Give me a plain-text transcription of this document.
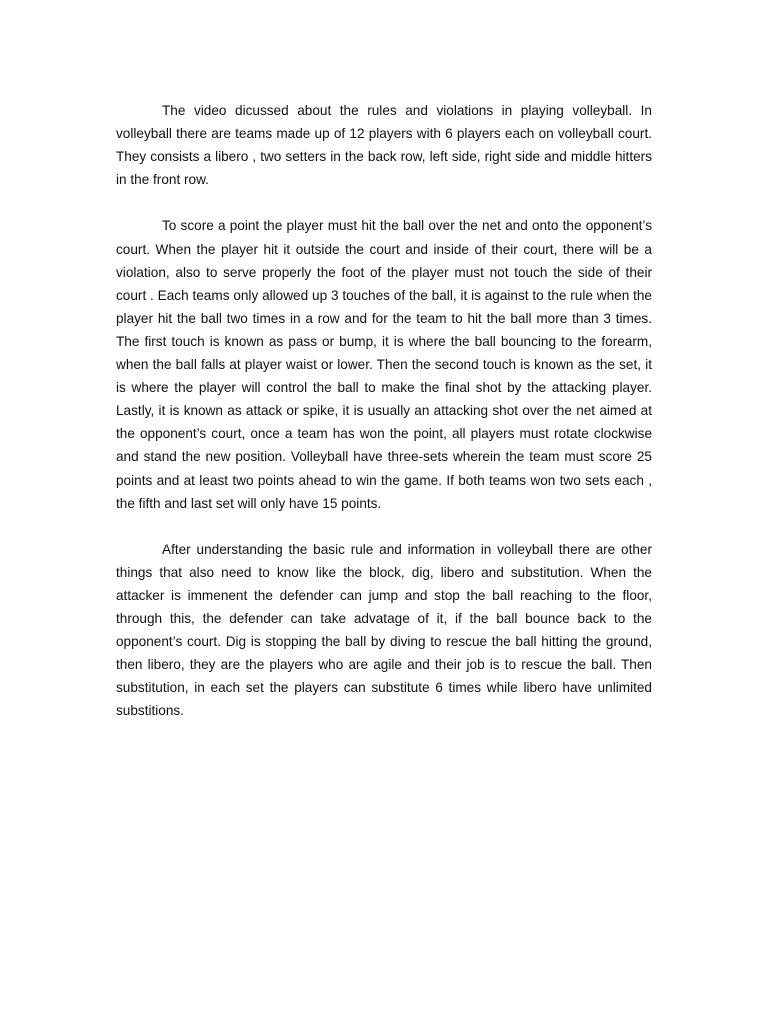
The video dicussed about the rules and violations in playing volleyball. In volleyball there are teams made up of 12 players with 6 players each on volleyball court. They consists a libero , two setters in the back row, left side, right side and middle hitters in the front row.

To score a point the player must hit the ball over the net and onto the opponent’s court. When the player hit it outside the court and inside of their court, there will be a violation, also to serve properly the foot of the player must not touch the side of their court . Each teams only allowed up 3 touches of the ball, it is against to the rule when the player hit the ball two times in a row and for the team to hit the ball more than 3 times. The first touch is known as pass or bump, it is where the ball bouncing to the forearm, when the ball falls at player waist or lower. Then the second touch is known as the set, it is where the player will control the ball to make the final shot by the attacking player. Lastly, it is known as attack or spike, it is usually an attacking shot over the net aimed at the opponent’s court, once a team has won the point, all players must rotate clockwise and stand the new position. Volleyball have three-sets wherein the team must score 25 points and at least two points ahead to win the game. If both teams won two sets each , the fifth and last set will only have 15 points.

After understanding the basic rule and information in volleyball there are other things that also need to know like the block, dig, libero and substitution. When the attacker is immenent the defender can jump and stop the ball reaching to the floor, through this, the defender can take advatage of it, if the ball bounce back to the opponent’s court. Dig is stopping the ball by diving to rescue the ball hitting the ground, then libero, they are the players who are agile and their job is to rescue the ball. Then substitution, in each set the players can substitute 6 times while libero have unlimited substitions.
